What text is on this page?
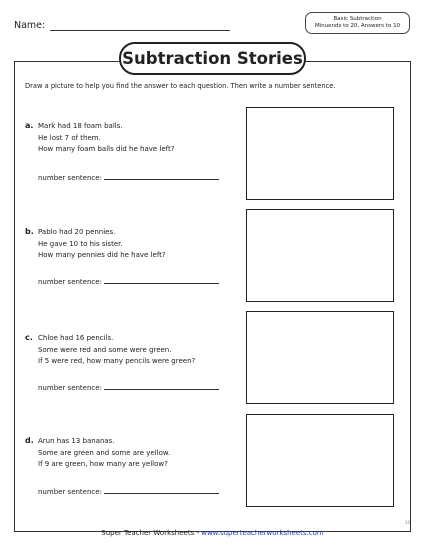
Name:
Basic Subtraction
Minuends to 20, Answers to 10
Subtraction Stories
Draw a picture to help you find the answer to each question. Then write a number sentence.
a. Mark had 18 foam balls.
He lost 7 of them.
How many foam balls did he have left?
number sentence:
b. Pablo had 20 pennies.
He gave 10 to his sister.
How many pennies did he have left?
number sentence:
c. Chloe had 16 pencils.
Some were red and some were green.
If 5 were red, how many pencils were green?
number sentence:
d. Arun has 13 bananas.
Some are green and some are yellow.
If 9 are green, how many are yellow?
number sentence:
Super Teacher Worksheets - www.superteacherworksheets.com
10
